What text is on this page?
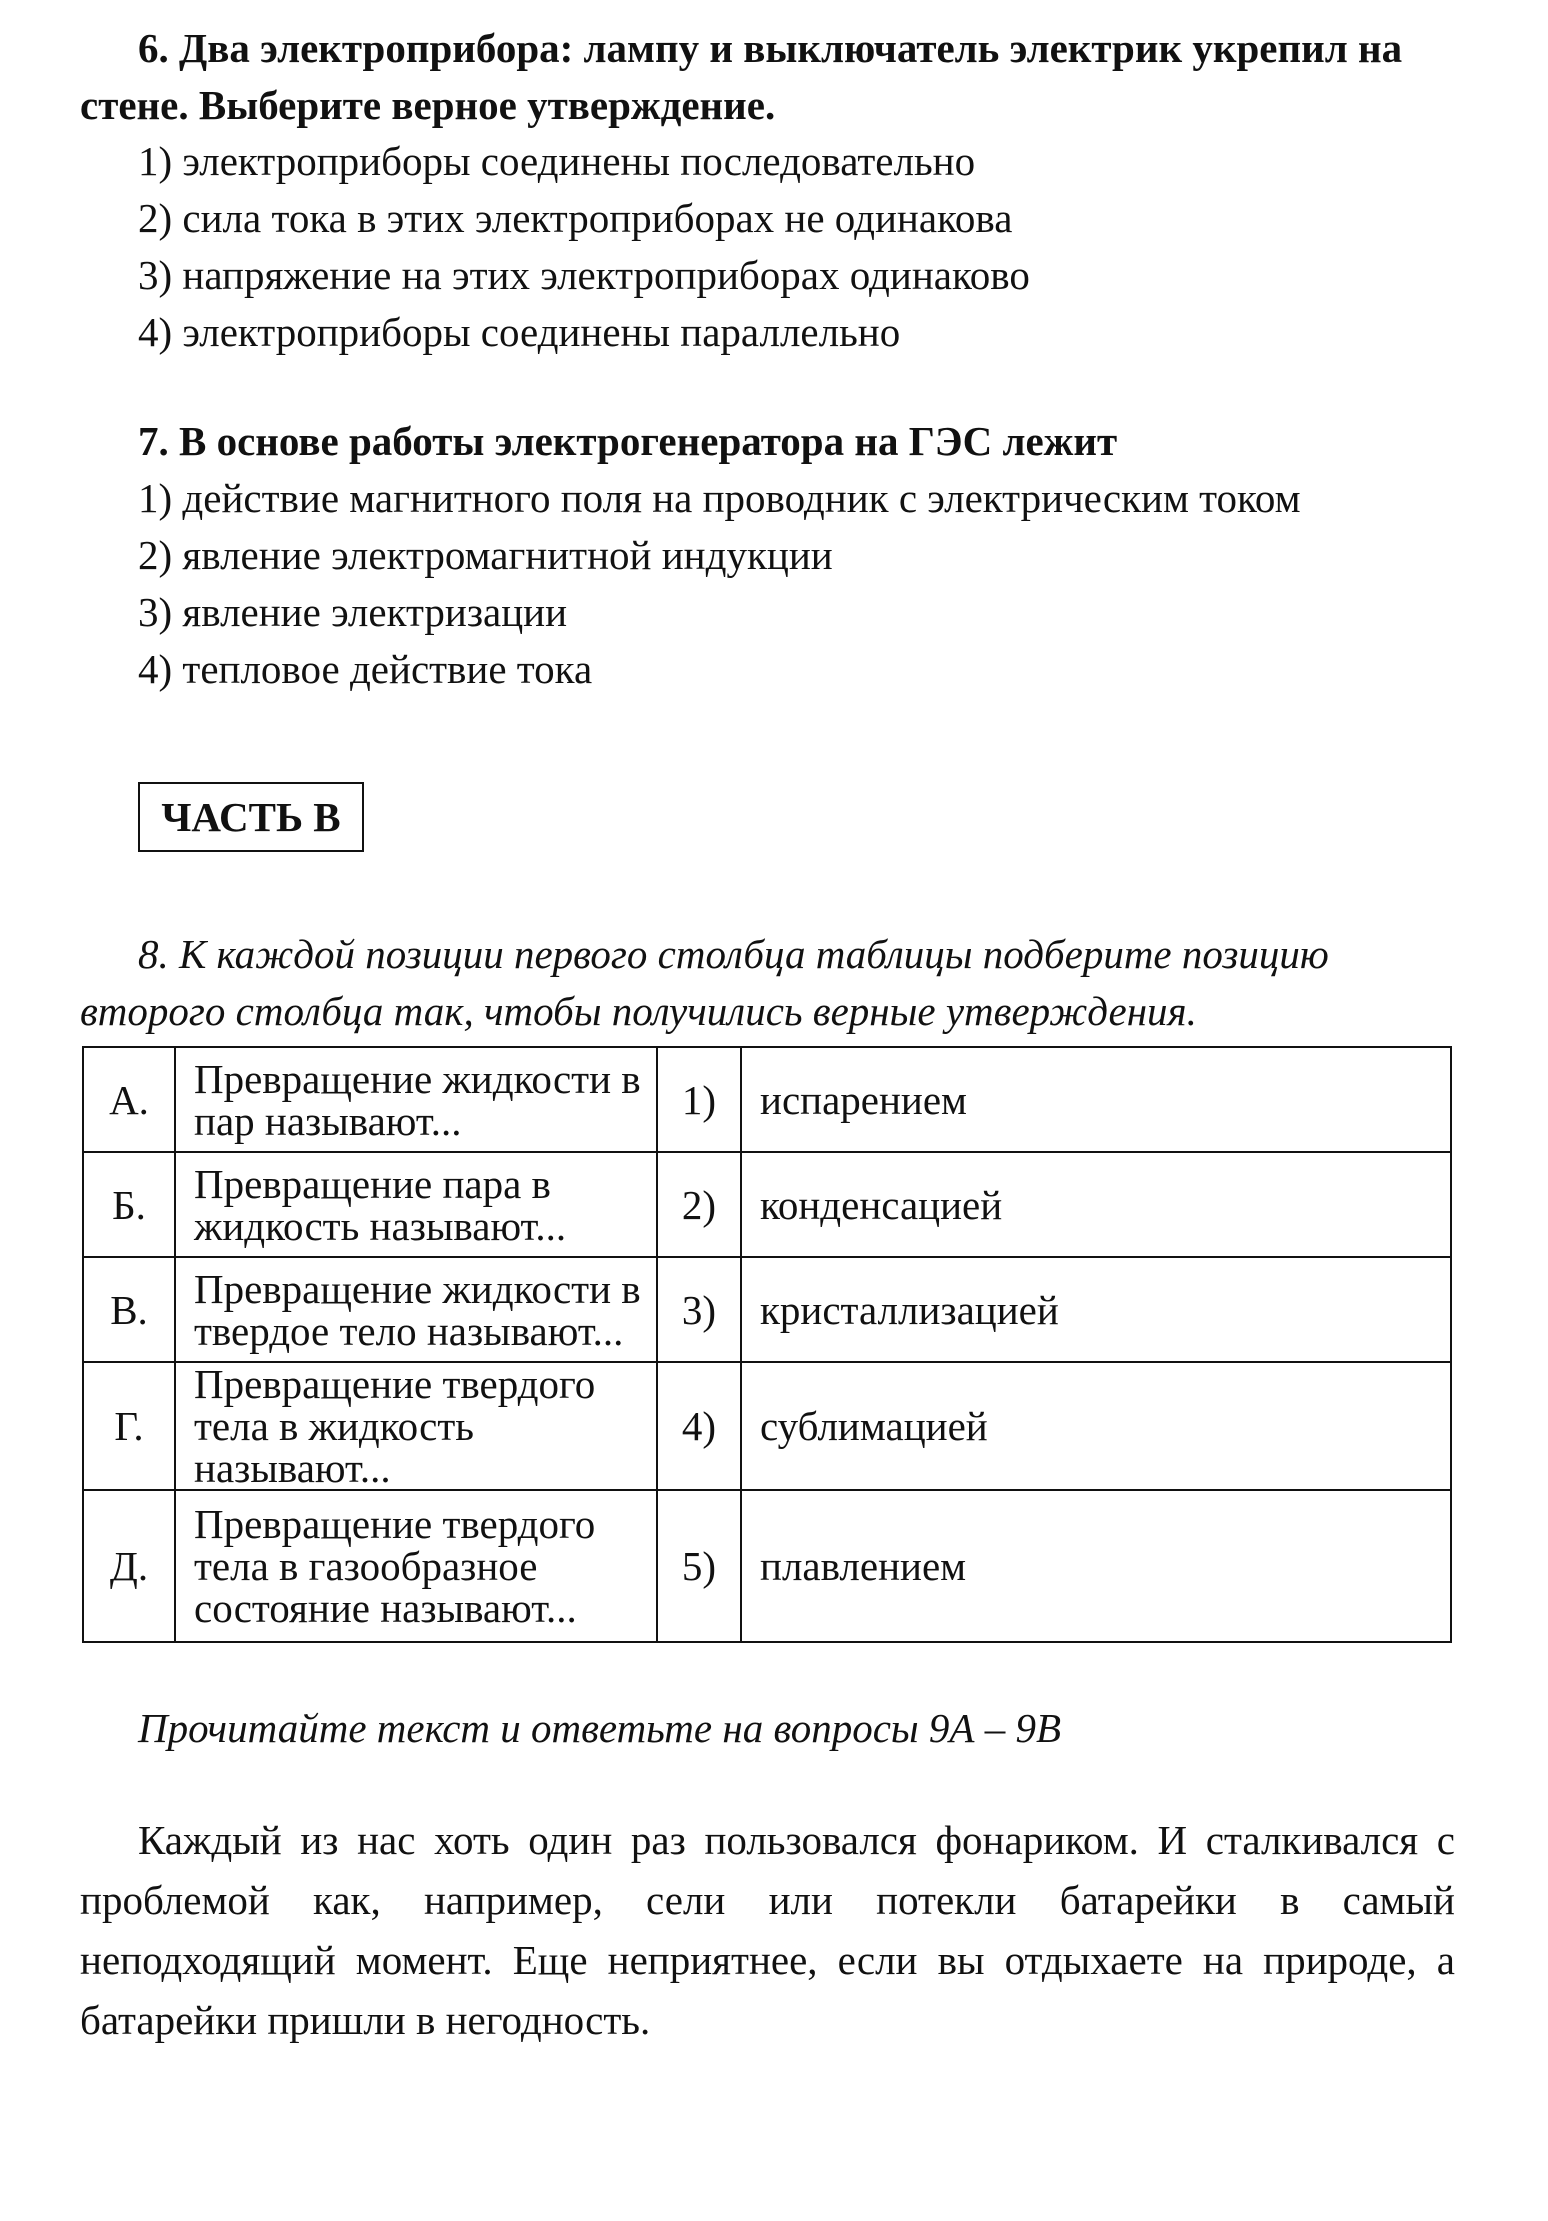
6. Два электроприбора: лампу и выключатель электрик укрепил на стене. Выберите верное утверждение.

1) электроприборы соединены последовательно
2) сила тока в этих электроприборах не одинакова
3) напряжение на этих электроприборах одинаково
4) электроприборы соединены параллельно

7. В основе работы электрогенератора на ГЭС лежит

1) действие магнитного поля на проводник с электрическим током
2) явление электромагнитной индукции
3) явление электризации
4) тепловое действие тока
ЧАСТЬ В

8. К каждой позиции первого столбца таблицы подберите позицию второго столбца так, чтобы получились верные утверждения.

А.	Превращение жидкости в пар называют...	1)	испарением
Б.	Превращение пара в жидкость называют...	2)	конденсацией
В.	Превращение жидкости в твердое тело называют...	3)	кристаллизацией
Г.	Превращение твердого тела в жидкость называют...	4)	сублимацией
Д.	Превращение твердого тела в газообразное состояние называют...	5)	плавлением

Прочитайте текст и ответьте на вопросы 9А – 9В

Каждый из нас хоть один раз пользовался фонариком. И сталкивался с проблемой как, например, сели или потекли батарейки в самый неподходящий момент. Еще неприятнее, если вы отдыхаете на природе, а батарейки пришли в негодность.
